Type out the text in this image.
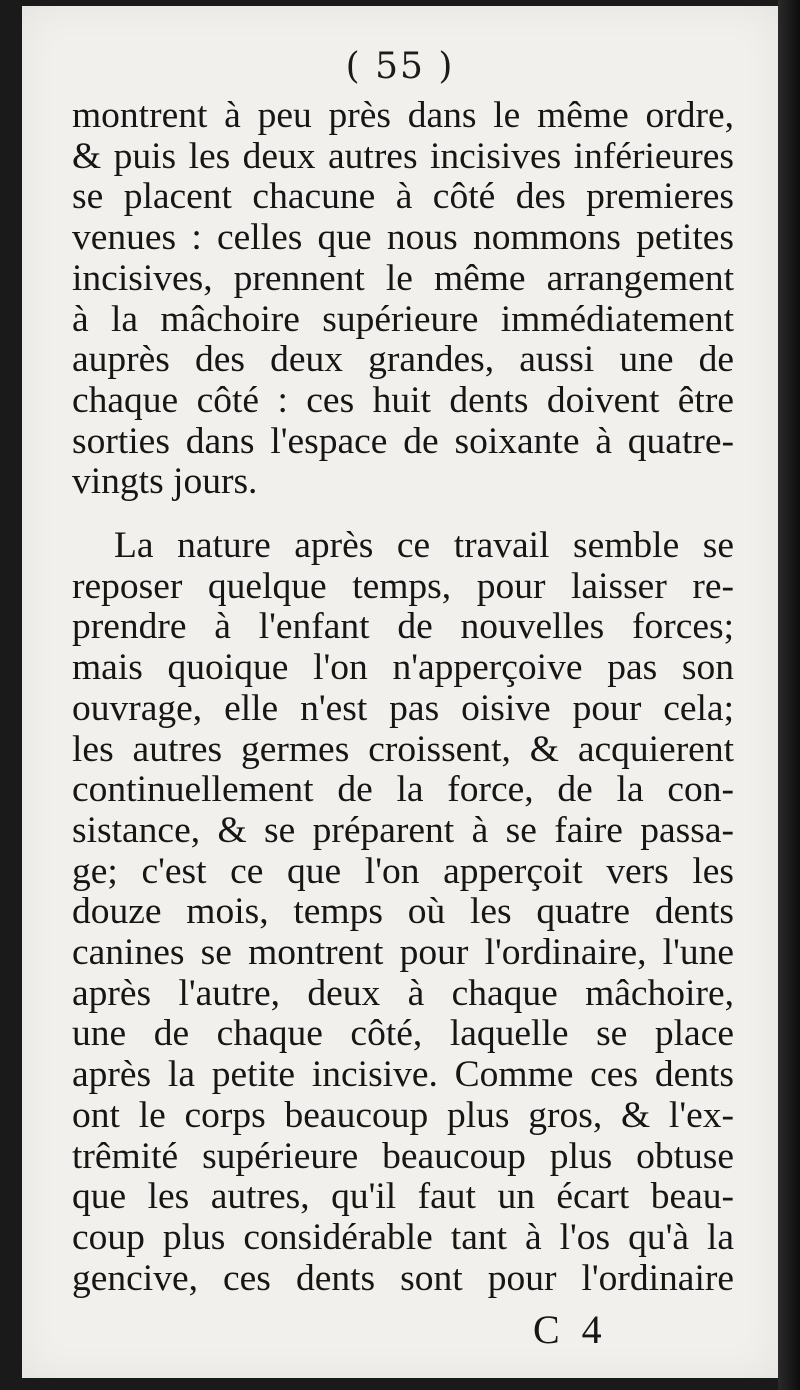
( 55 )
montrent à peu près dans le même ordre,
& puis les deux autres incisives inférieures
se placent chacune à côté des premieres
venues : celles que nous nommons petites
incisives, prennent le même arrangement
à la mâchoire supérieure immédiatement
auprès des deux grandes, aussi une de
chaque côté : ces huit dents doivent être
sorties dans l'espace de soixante à quatre-
vingts jours.
La nature après ce travail semble se
reposer quelque temps, pour laisser re-
prendre à l'enfant de nouvelles forces;
mais quoique l'on n'apperçoive pas son
ouvrage, elle n'est pas oisive pour cela;
les autres germes croissent, & acquierent
continuellement de la force, de la con-
sistance, & se préparent à se faire passa-
ge; c'est ce que l'on apperçoit vers les
douze mois, temps où les quatre dents
canines se montrent pour l'ordinaire, l'une
après l'autre, deux à chaque mâchoire,
une de chaque côté, laquelle se place
après la petite incisive. Comme ces dents
ont le corps beaucoup plus gros, & l'ex-
trêmité supérieure beaucoup plus obtuse
que les autres, qu'il faut un écart beau-
coup plus considérable tant à l'os qu'à la
gencive, ces dents sont pour l'ordinaire
C 4
